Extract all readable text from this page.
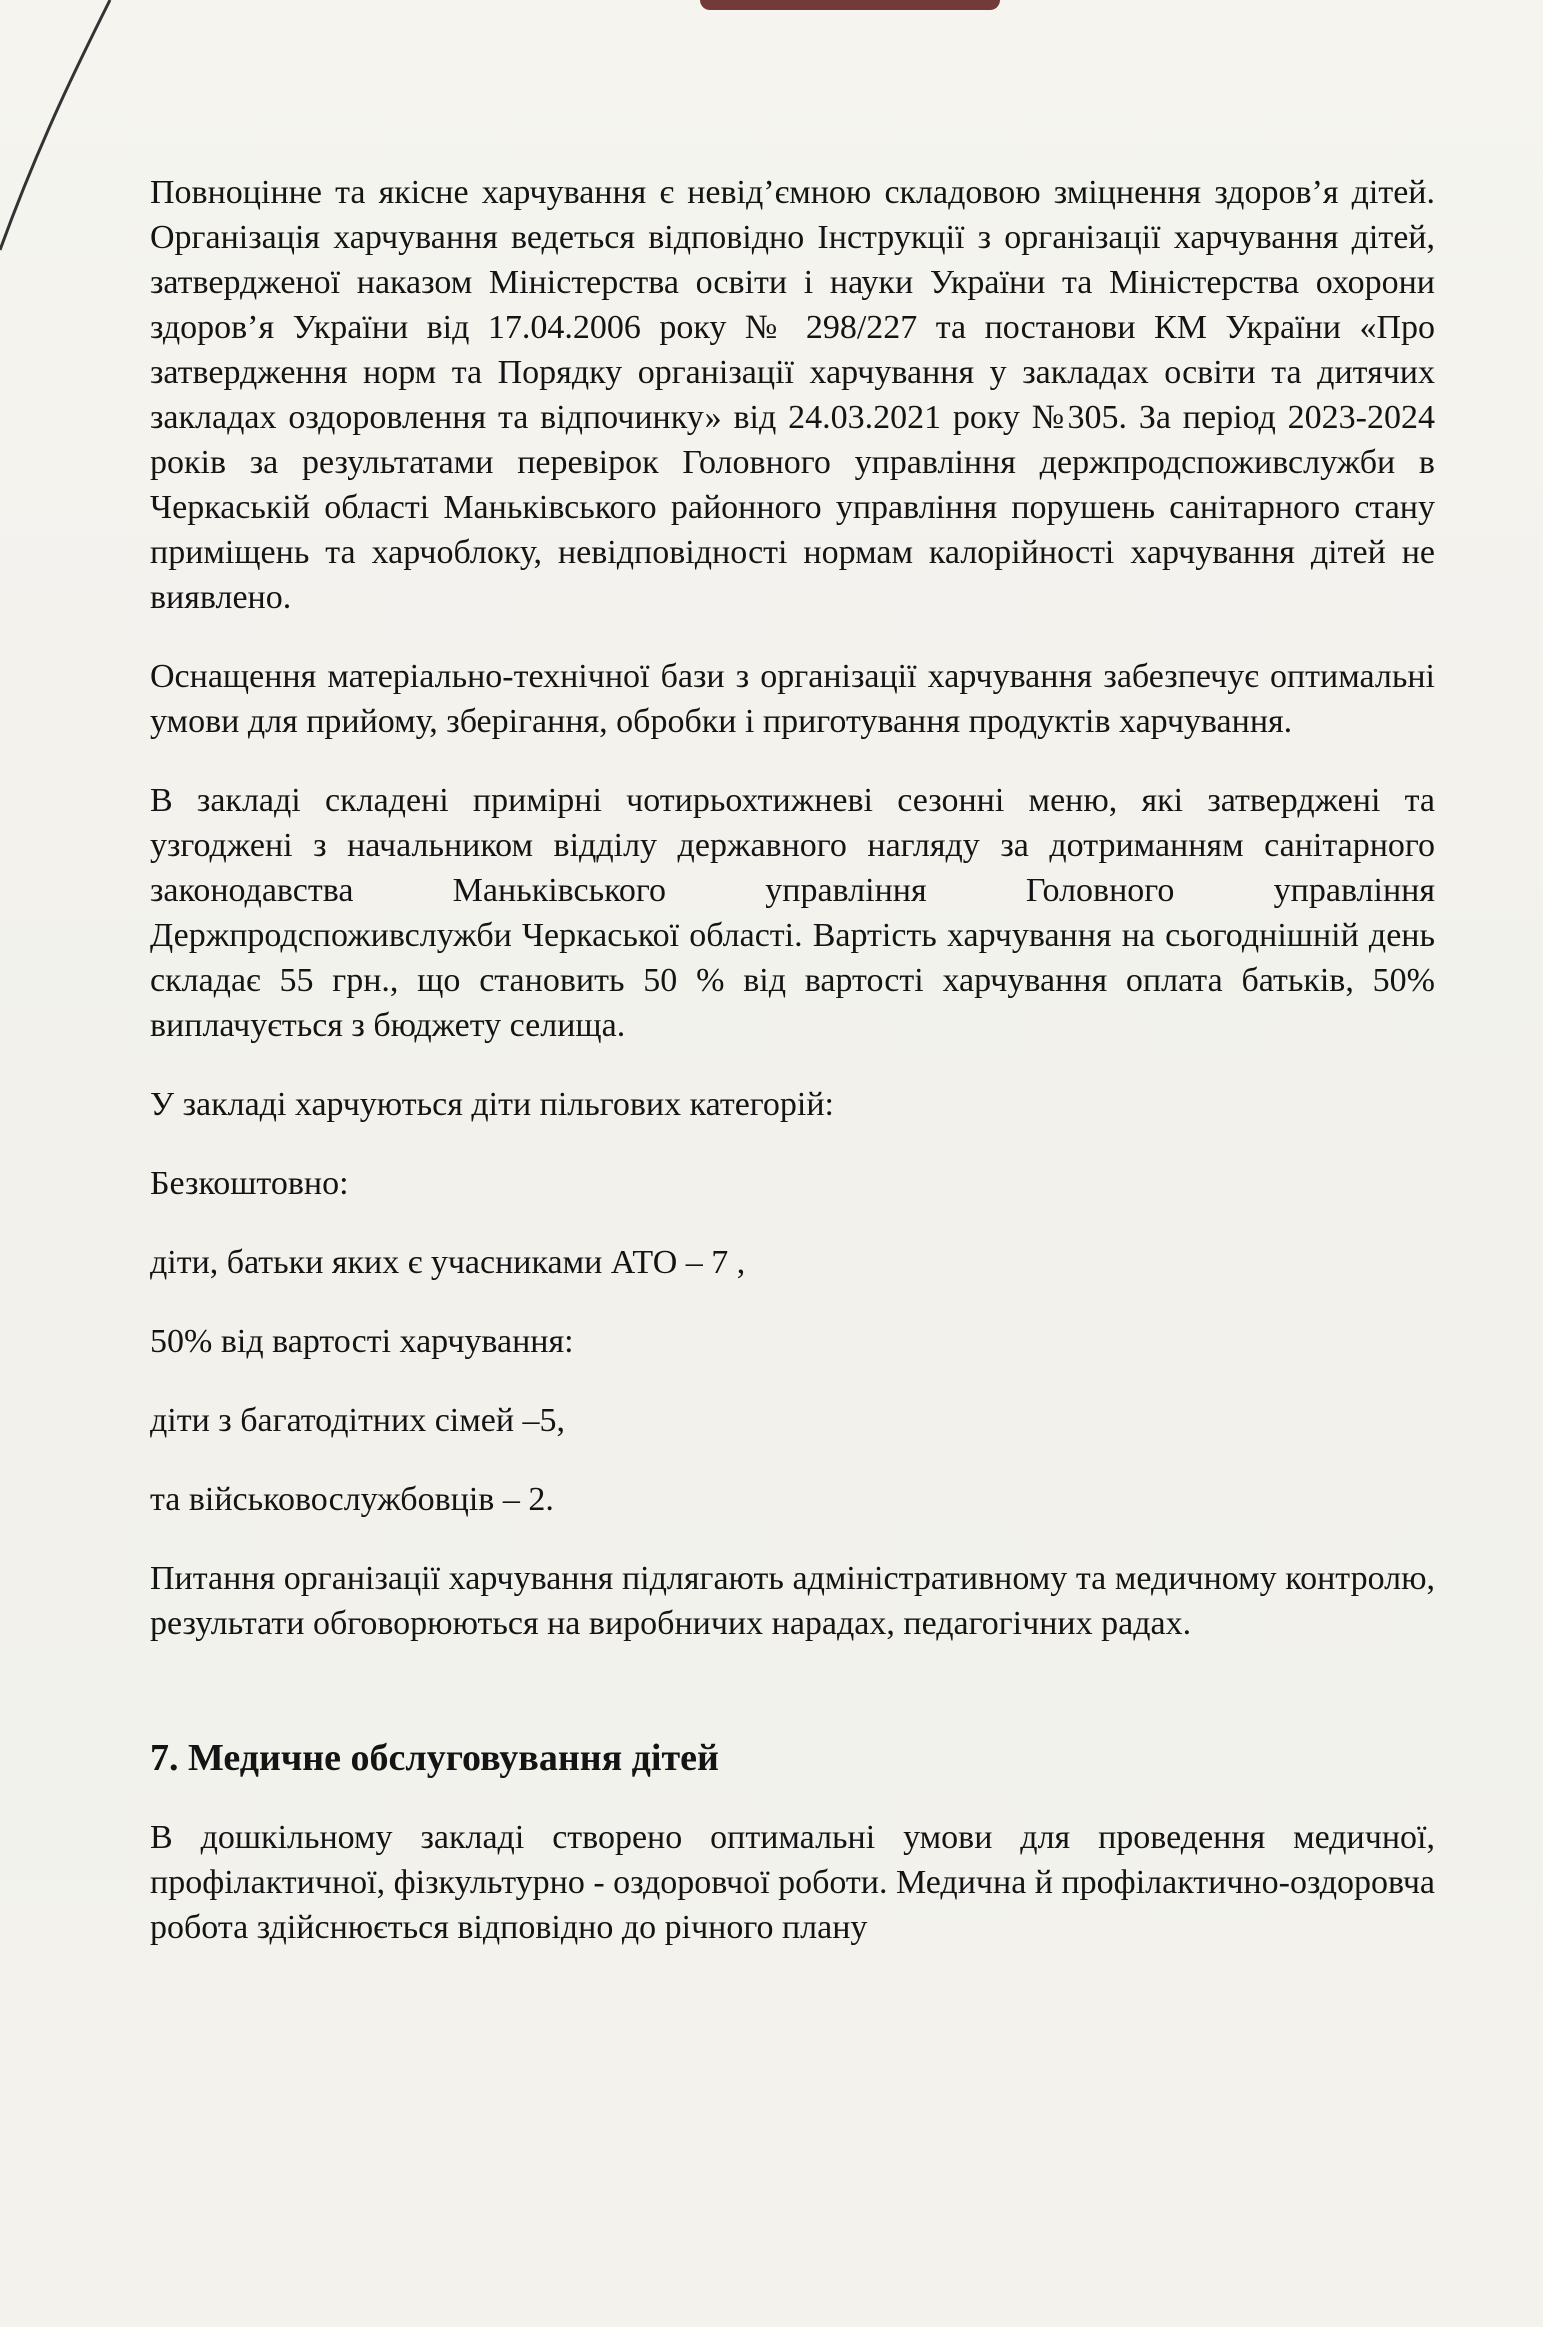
Повноцінне та якісне харчування є невід’ємною складовою зміцнення здоров’я дітей. Організація харчування ведеться відповідно Інструкції з організації харчування дітей, затвердженої наказом Міністерства освіти і науки України та Міністерства охорони здоров’я України від 17.04.2006 року № 298/227 та постанови КМ України «Про затвердження норм та Порядку організації харчування у закладах освіти та дитячих закладах оздоровлення та відпочинку» від 24.03.2021 року №305. За період 2023-2024 років за результатами перевірок Головного управління держпродспоживслужби в Черкаській області Маньківського районного управління порушень санітарного стану приміщень та харчоблоку, невідповідності нормам калорійності харчування дітей не виявлено.

Оснащення матеріально-технічної бази з організації харчування забезпечує оптимальні умови для прийому, зберігання, обробки і приготування продуктів харчування.

В закладі складені примірні чотирьохтижневі сезонні меню, які затверджені та узгоджені з начальником відділу державного нагляду за дотриманням санітарного законодавства Маньківського управління Головного управління Держпродспоживслужби Черкаської області. Вартість харчування на сьогоднішній день складає 55 грн., що становить 50 % від вартості харчування оплата батьків, 50% виплачується з бюджету селища.

У закладі харчуються діти пільгових категорій:

Безкоштовно:

діти, батьки яких є учасниками АТО – 7 ,

50% від вартості харчування:

діти з багатодітних сімей –5,

та військовослужбовців – 2.

Питання організації харчування підлягають адміністративному та медичному контролю, результати обговорюються на виробничих нарадах, педагогічних радах.

7. Медичне обслуговування дітей

В дошкільному закладі створено оптимальні умови для проведення медичної, профілактичної, фізкультурно - оздоровчої роботи. Медична й профілактично-оздоровча робота здійснюється відповідно до річного плану
